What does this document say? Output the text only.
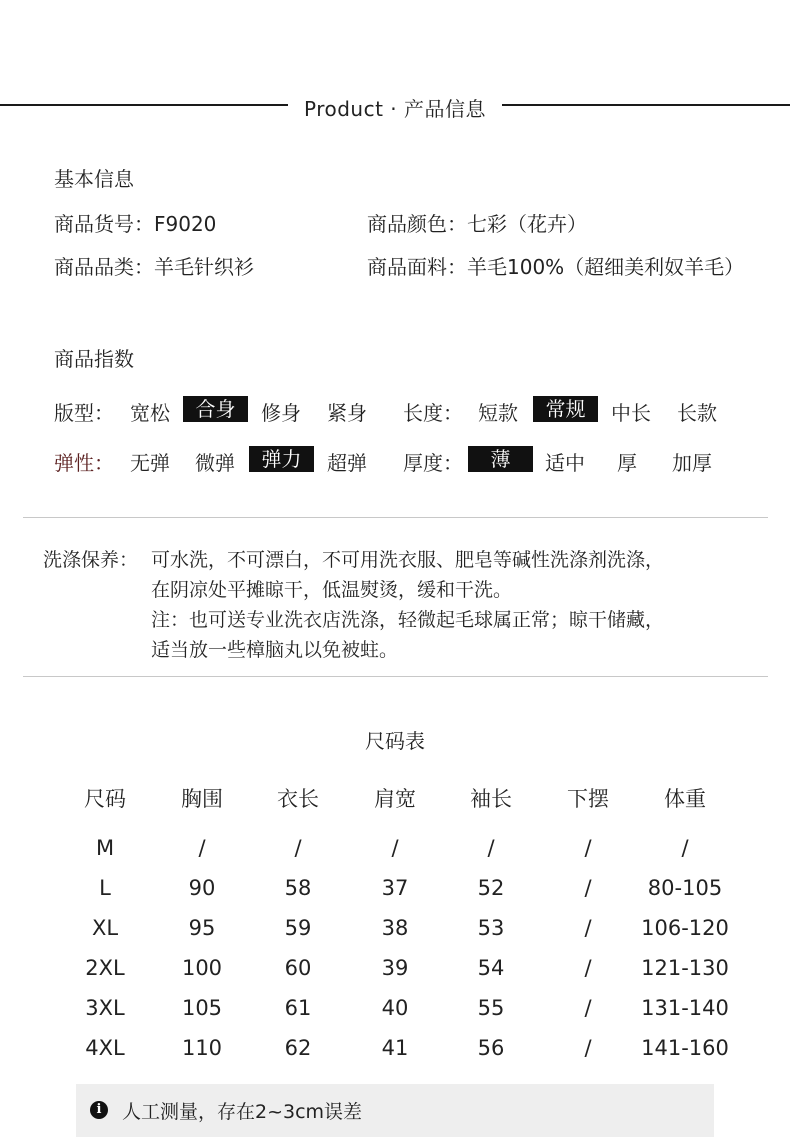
Product · 产品信息
基本信息
商品货号：F9020	商品颜色：七彩（花卉）
商品品类：羊毛针织衫	商品面料：羊毛100%（超细美利奴羊毛）
商品指数
版型： 宽松	合身	修身 紧身 长度： 短款	常规	中长 长款
弹性： 无弹 微弹	弹力	超弹 厚度：	薄	适中 厚 加厚
洗涤保养： 可水洗，不可漂白，不可用洗衣服、肥皂等碱性洗涤剂洗涤，
在阴凉处平摊晾干，低温熨烫，缓和干洗。
注：也可送专业洗衣店洗涤，轻微起毛球属正常；晾干储藏，
适当放一些樟脑丸以免被蛀。
尺码表
尺码	胸围	衣长	肩宽	袖长	下摆	体重
M	/	/	/	/	/	/
L	90	58	37	52	/	80-105
XL	95	59	38	53	/	106-120
2XL	100	60	39	54	/	121-130
3XL	105	61	40	55	/	131-140
4XL	110	62	41	56	/	141-160
i	人工测量，存在2~3cm误差
